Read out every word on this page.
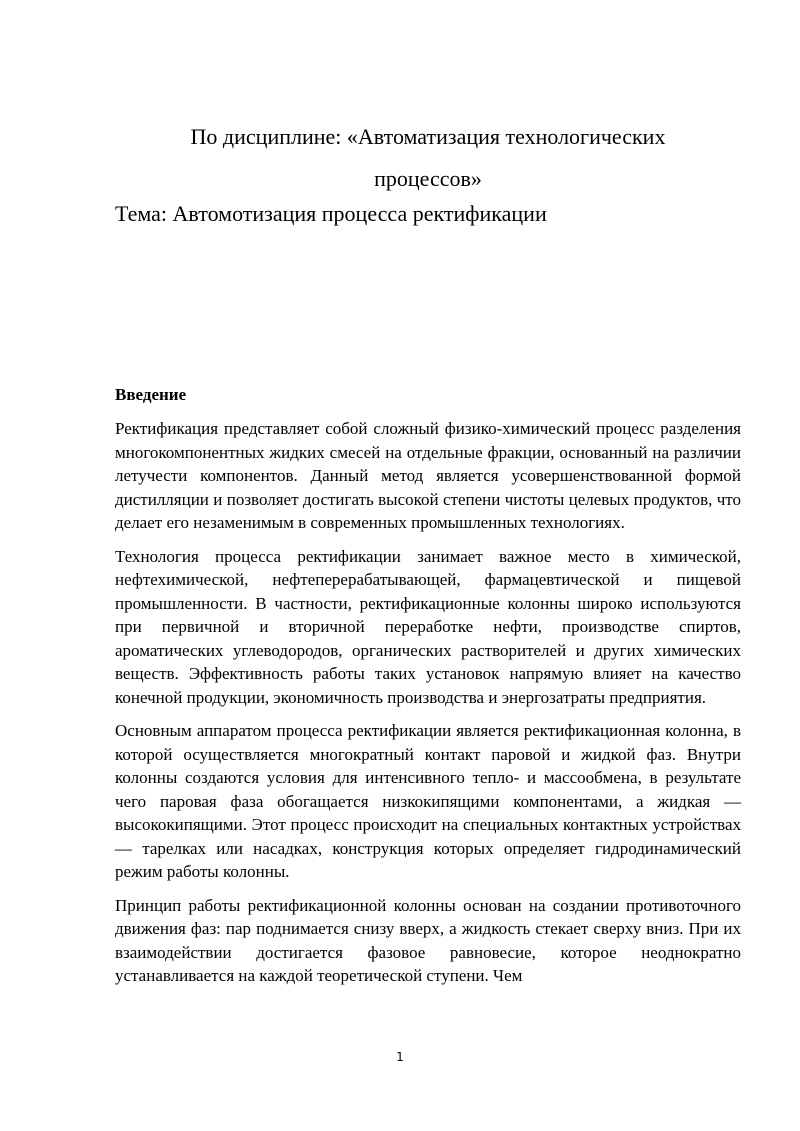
По дисциплине: «Автоматизация технологических
процессов»
Тема: Автомотизация процесса ректификации
Введение

Ректификация представляет собой сложный физико-химический процесс разделения многокомпонентных жидких смесей на отдельные фракции, основанный на различии летучести компонентов. Данный метод является усовершенствованной формой дистилляции и позволяет достигать высокой степени чистоты целевых продуктов, что делает его незаменимым в современных промышленных технологиях.

Технология процесса ректификации занимает важное место в химической, нефтехимической, нефтеперерабатывающей, фармацевтической и пищевой промышленности. В частности, ректификационные колонны широко используются при первичной и вторичной переработке нефти, производстве спиртов, ароматических углеводородов, органических растворителей и других химических веществ. Эффективность работы таких установок напрямую влияет на качество конечной продукции, экономичность производства и энергозатраты предприятия.

Основным аппаратом процесса ректификации является ректификационная колонна, в которой осуществляется многократный контакт паровой и жидкой фаз. Внутри колонны создаются условия для интенсивного тепло- и массообмена, в результате чего паровая фаза обогащается низкокипящими компонентами, а жидкая — высококипящими. Этот процесс происходит на специальных контактных устройствах — тарелках или насадках, конструкция которых определяет гидродинамический режим работы колонны.

Принцип работы ректификационной колонны основан на создании противоточного движения фаз: пар поднимается снизу вверх, а жидкость стекает сверху вниз. При их взаимодействии достигается фазовое равновесие, которое неоднократно устанавливается на каждой теоретической ступени. Чем

1
